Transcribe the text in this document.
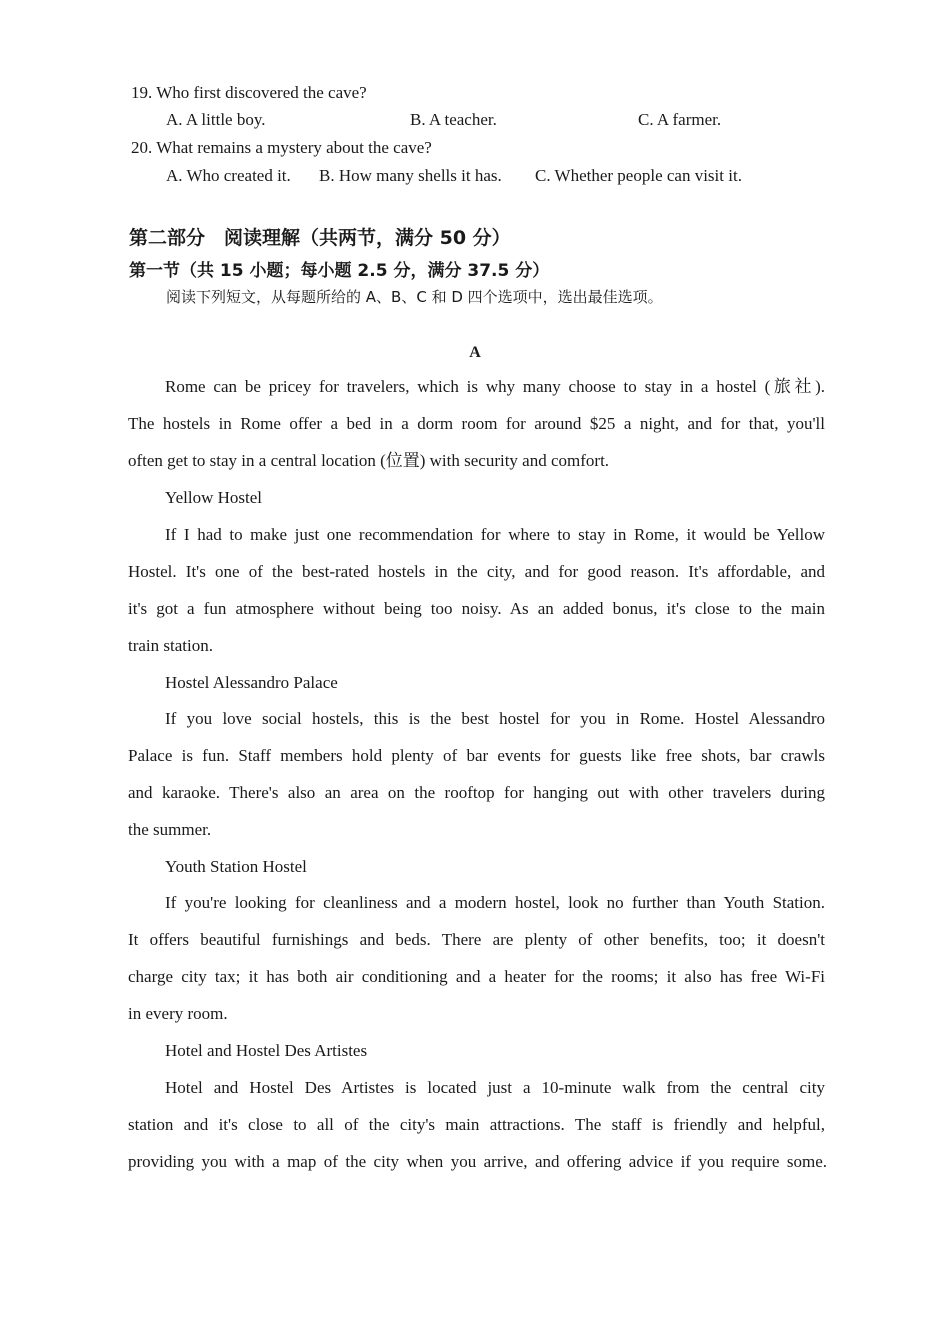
19. Who first discovered the cave?
A. A little boy.	B. A teacher.	C. A farmer.
20. What remains a mystery about the cave?
A. Who created it. B. How many shells it has. C. Whether people can visit it.
第二部分　阅读理解（共两节，满分 50 分）
第一节（共 15 小题；每小题 2.5 分，满分 37.5 分）
阅读下列短文，从每题所给的 A、B、C 和 D 四个选项中，选出最佳选项。
A
Rome can be pricey for travelers, which is why many choose to stay in a hostel (旅社).
The hostels in Rome offer a bed in a dorm room for around $25 a night, and for that, you'll
often get to stay in a central location (位置) with security and comfort.
Yellow Hostel
If I had to make just one recommendation for where to stay in Rome, it would be Yellow
Hostel. It's one of the best-rated hostels in the city, and for good reason. It's affordable, and
it's got a fun atmosphere without being too noisy. As an added bonus, it's close to the main
train station.
Hostel Alessandro Palace
If you love social hostels, this is the best hostel for you in Rome. Hostel Alessandro
Palace is fun. Staff members hold plenty of bar events for guests like free shots, bar crawls
and karaoke. There's also an area on the rooftop for hanging out with other travelers during
the summer.
Youth Station Hostel
If you're looking for cleanliness and a modern hostel, look no further than Youth Station.
It offers beautiful furnishings and beds. There are plenty of other benefits, too; it doesn't
charge city tax; it has both air conditioning and a heater for the rooms; it also has free Wi-Fi
in every room.
Hotel and Hostel Des Artistes
Hotel and Hostel Des Artistes is located just a 10-minute walk from the central city
station and it's close to all of the city's main attractions. The staff is friendly and helpful,
providing you with a map of the city when you arrive, and offering advice if you require some.
